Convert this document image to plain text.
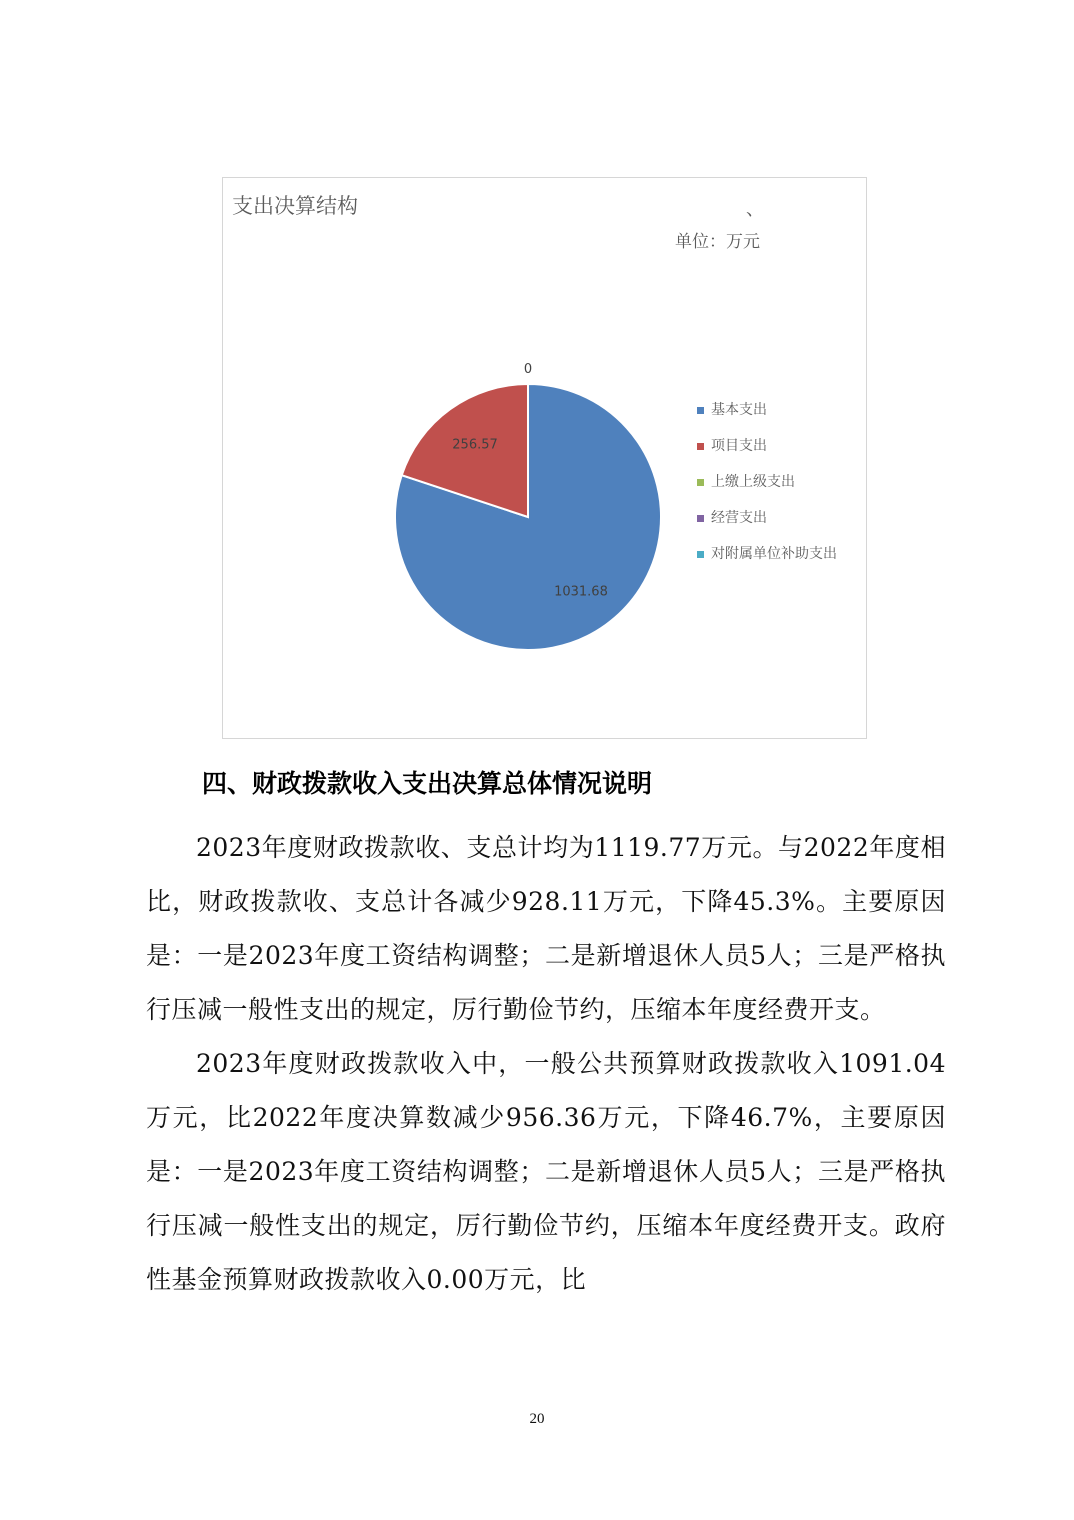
支出决算结构	、
单位：万元
1031.68
256.57
0
基本支出
项目支出
上缴上级支出
经营支出
对附属单位补助支出
四、财政拨款收入支出决算总体情况说明

2023年度财政拨款收、支总计均为1119.77万元。与2022年度相比，财政拨款收、支总计各减少928.11万元，下降45.3%。主要原因是：一是2023年度工资结构调整；二是新增退休人员5人；三是严格执行压减一般性支出的规定，厉行勤俭节约，压缩本年度经费开支。

2023年度财政拨款收入中，一般公共预算财政拨款收入1091.04万元，比2022年度决算数减少956.36万元，下降46.7%，主要原因是：一是2023年度工资结构调整；二是新增退休人员5人；三是严格执行压减一般性支出的规定，厉行勤俭节约，压缩本年度经费开支。政府性基金预算财政拨款收入0.00万元，比

20
